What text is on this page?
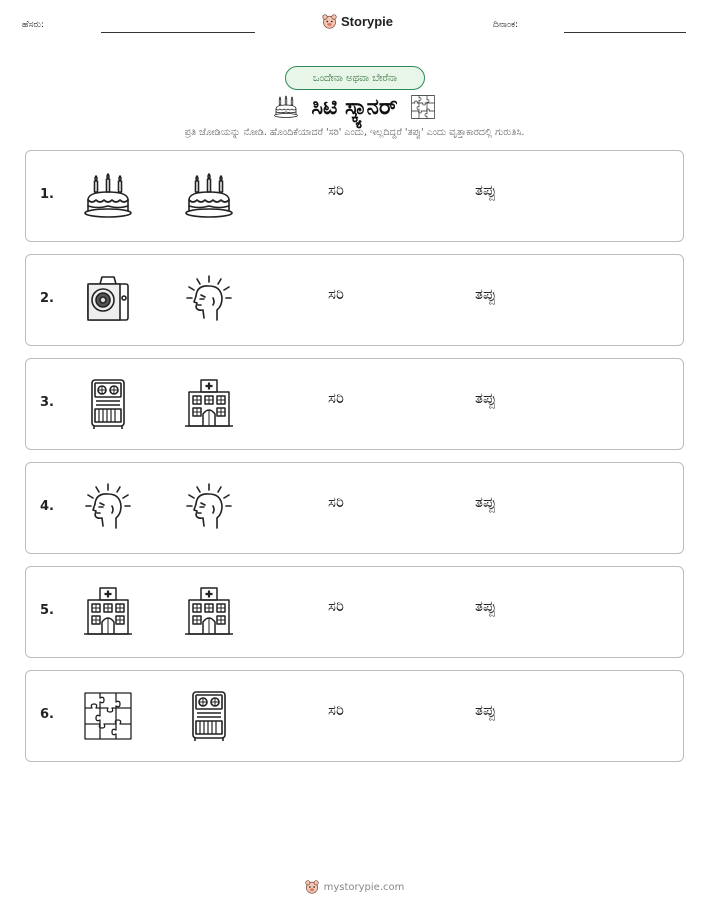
ಹೆಸರು:	Storypie	ದಿನಾಂಕ:
ಒಂದೇನಾ ಅಥವಾ ಬೇರೆನಾ
ಸಿಟಿ ಸ್ಕ್ಯಾನರ್
ಪ್ರತಿ ಜೋಡಿಯನ್ನು ನೋಡಿ. ಹೊಂದಿಕೆಯಾದರೆ 'ಸರಿ' ಎಂದು, ಇಲ್ಲದಿದ್ದರೆ 'ತಪ್ಪು' ಎಂದು ವೃತ್ತಾಕಾರದಲ್ಲಿ ಗುರುತಿಸಿ.
1.	ಸರಿ	ತಪ್ಪು
2.	ಸರಿ	ತಪ್ಪು
3.	ಸರಿ	ತಪ್ಪು
4.	ಸರಿ	ತಪ್ಪು
5.	ಸರಿ	ತಪ್ಪು
6.	ಸರಿ	ತಪ್ಪು
mystorypie.com
